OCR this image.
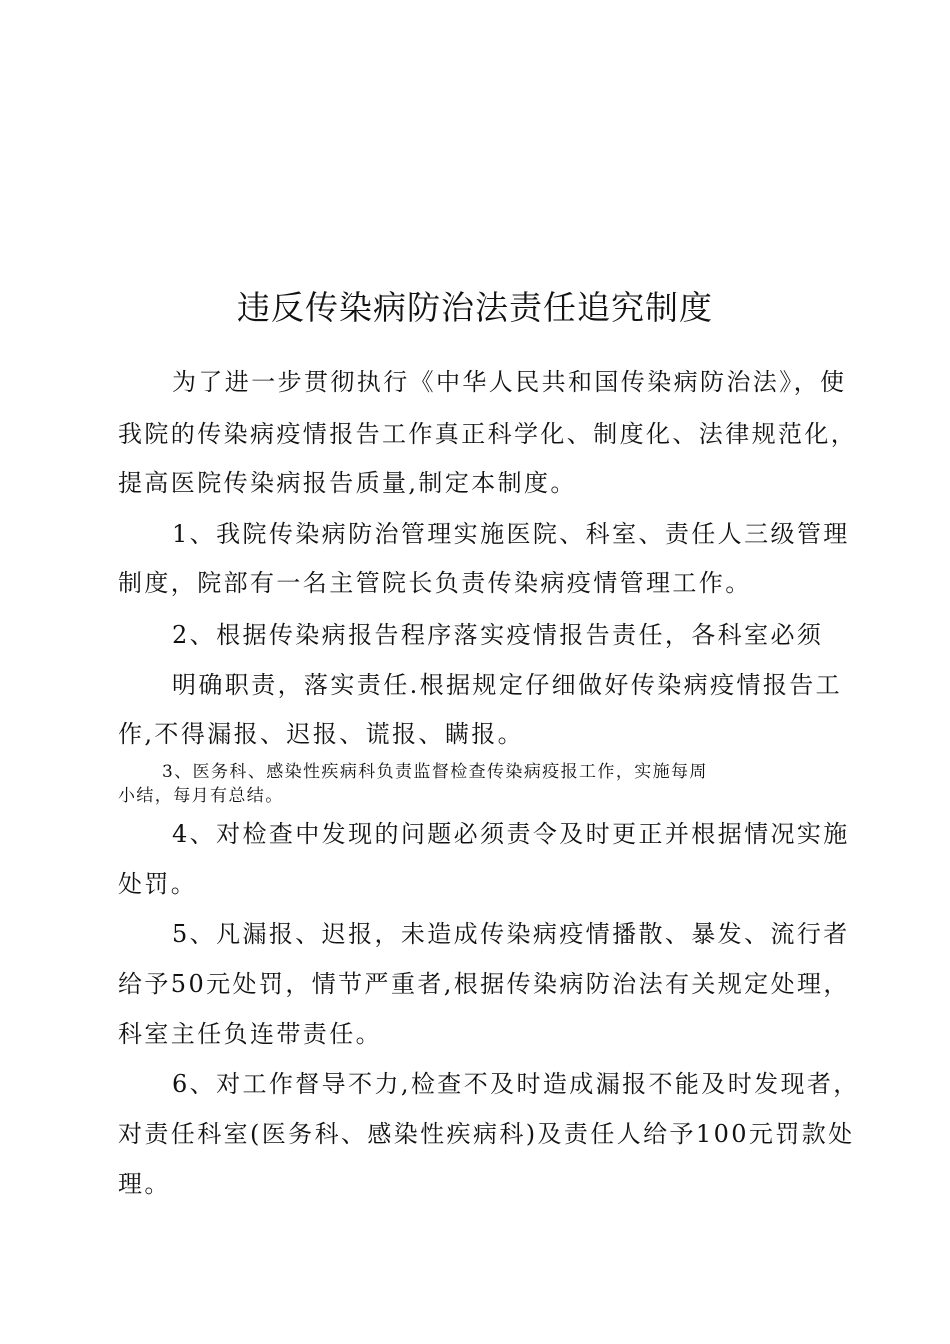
违反传染病防治法责任追究制度
为了进一步贯彻执行《中华人民共和国传染病防治法》，使
我院的传染病疫情报告工作真正科学化、制度化、法律规范化，
提高医院传染病报告质量,制定本制度。
1、我院传染病防治管理实施医院、科室、责任人三级管理
制度，院部有一名主管院长负责传染病疫情管理工作。
2、根据传染病报告程序落实疫情报告责任，各科室必须
明确职责，落实责任.根据规定仔细做好传染病疫情报告工
作,不得漏报、迟报、谎报、瞒报。
3、医务科、感染性疾病科负责监督检查传染病疫报工作，实施每周
小结，每月有总结。
4、对检查中发现的问题必须责令及时更正并根据情况实施
处罚。
5、凡漏报、迟报，未造成传染病疫情播散、暴发、流行者
给予50元处罚，情节严重者,根据传染病防治法有关规定处理，
科室主任负连带责任。
6、对工作督导不力,检查不及时造成漏报不能及时发现者，
对责任科室(医务科、感染性疾病科)及责任人给予100元罚款处
理。
